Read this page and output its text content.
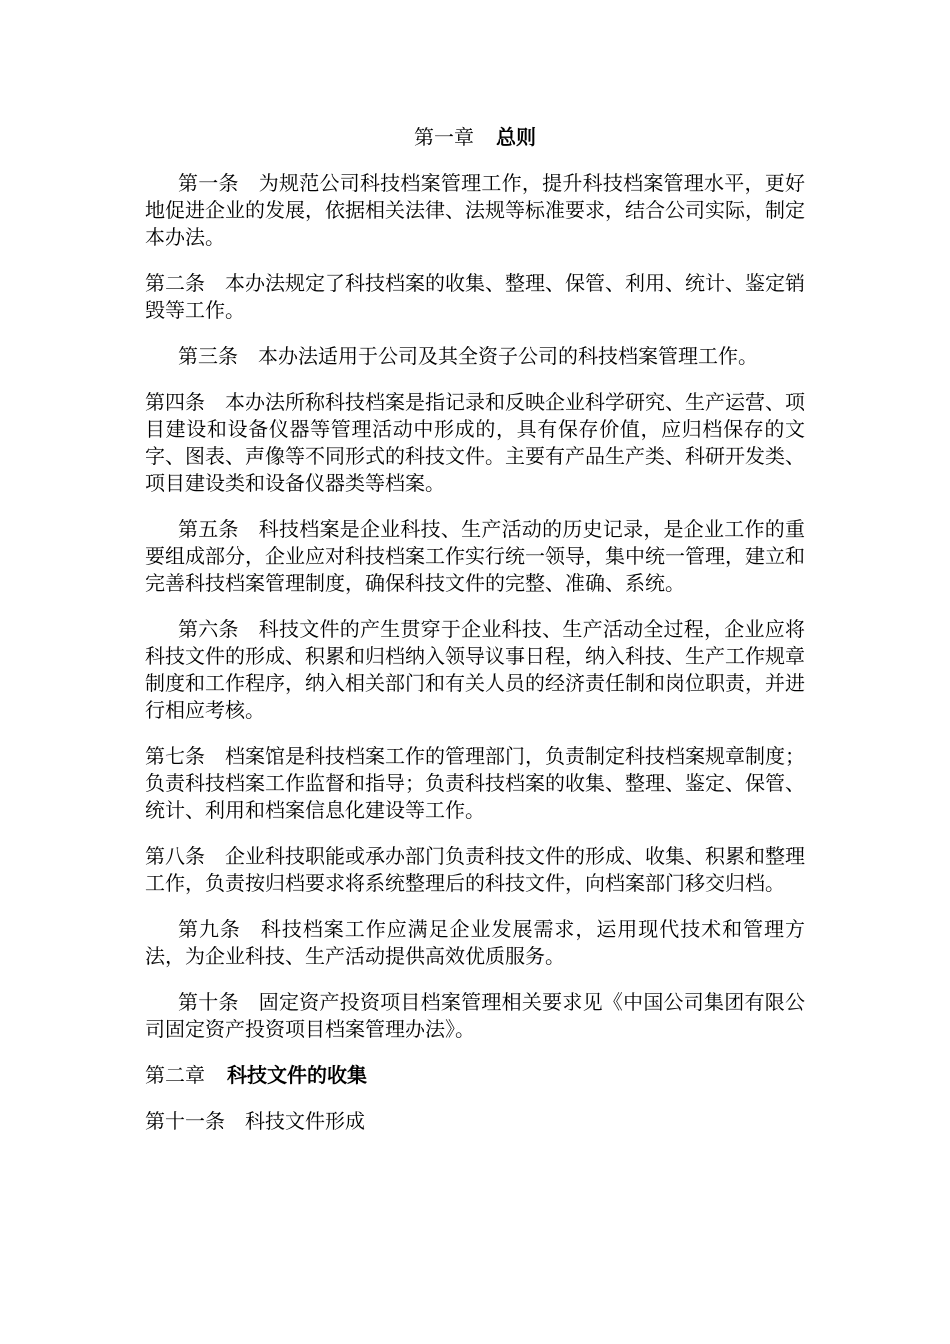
第一章 总则

第一条 为规范公司科技档案管理工作，提升科技档案管理水平，更好地促进企业的发展，依据相关法律、法规等标准要求，结合公司实际，制定本办法。

第二条 本办法规定了科技档案的收集、整理、保管、利用、统计、鉴定销毁等工作。

第三条 本办法适用于公司及其全资子公司的科技档案管理工作。

第四条 本办法所称科技档案是指记录和反映企业科学研究、生产运营、项目建设和设备仪器等管理活动中形成的，具有保存价值，应归档保存的文字、图表、声像等不同形式的科技文件。主要有产品生产类、科研开发类、项目建设类和设备仪器类等档案。

第五条 科技档案是企业科技、生产活动的历史记录，是企业工作的重要组成部分，企业应对科技档案工作实行统一领导，集中统一管理，建立和完善科技档案管理制度，确保科技文件的完整、准确、系统。

第六条 科技文件的产生贯穿于企业科技、生产活动全过程，企业应将科技文件的形成、积累和归档纳入领导议事日程，纳入科技、生产工作规章制度和工作程序，纳入相关部门和有关人员的经济责任制和岗位职责，并进行相应考核。

第七条 档案馆是科技档案工作的管理部门，负责制定科技档案规章制度；负责科技档案工作监督和指导；负责科技档案的收集、整理、鉴定、保管、统计、利用和档案信息化建设等工作。

第八条 企业科技职能或承办部门负责科技文件的形成、收集、积累和整理工作，负责按归档要求将系统整理后的科技文件，向档案部门移交归档。

第九条 科技档案工作应满足企业发展需求，运用现代技术和管理方法，为企业科技、生产活动提供高效优质服务。

第十条 固定资产投资项目档案管理相关要求见《中国公司集团有限公司固定资产投资项目档案管理办法》。

第二章 科技文件的收集

第十一条 科技文件形成
